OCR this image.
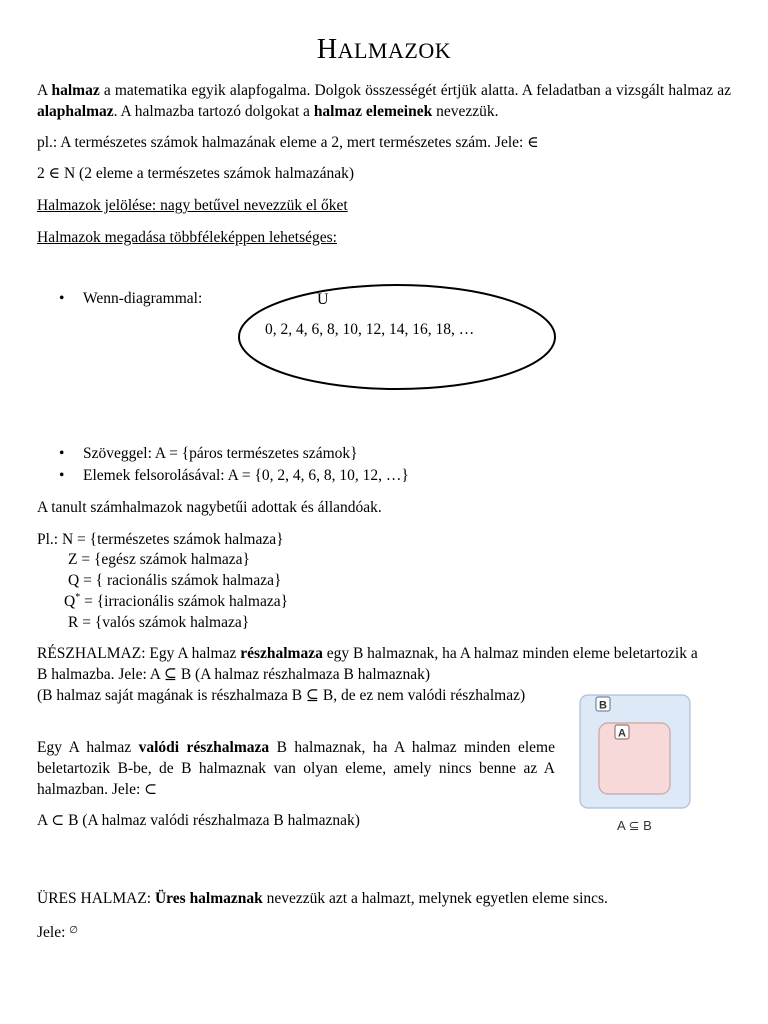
HALMAZOK
A halmaz a matematika egyik alapfogalma. Dolgok összességét értjük alatta. A feladatban a vizsgált halmaz az alaphalmaz. A halmazba tartozó dolgokat a halmaz elemeinek nevezzük.
pl.: A természetes számok halmazának eleme a 2, mert természetes szám. Jele: ∈
2 ∈ N (2 eleme a természetes számok halmazának)
Halmazok jelölése: nagy betűvel nevezzük el őket
Halmazok megadása többféleképpen lehetséges:
• Wenn-diagrammal:	U
0, 2, 4, 6, 8, 10, 12, 14, 16, 18, …
• Szöveggel: A = {páros természetes számok}
• Elemek felsorolásával: A = {0, 2, 4, 6, 8, 10, 12, …}
A tanult számhalmazok nagybetűi adottak és állandóak.
Pl.: N = {természetes számok halmaza}
Z = {egész számok halmaza}
Q = { racionális számok halmaza}
Q* = {irracionális számok halmaza}
R = {valós számok halmaza}
RÉSZHALMAZ: Egy A halmaz részhalmaza egy B halmaznak, ha A halmaz minden eleme beletartozik a B halmazba. Jele: A ⊆ B (A halmaz részhalmaza B halmaznak)
(B halmaz saját magának is részhalmaza B ⊆ B, de ez nem valódi részhalmaz)
Egy A halmaz valódi részhalmaza B halmaznak, ha A halmaz minden eleme beletartozik B-be, de B halmaznak van olyan eleme, amely nincs benne az A halmazban. Jele: ⊂
A ⊂ B (A halmaz valódi részhalmaza B halmaznak)
B
A
A ⊆ B
ÜRES HALMAZ: Üres halmaznak nevezzük azt a halmazt, melynek egyetlen eleme sincs.
Jele: ∅
